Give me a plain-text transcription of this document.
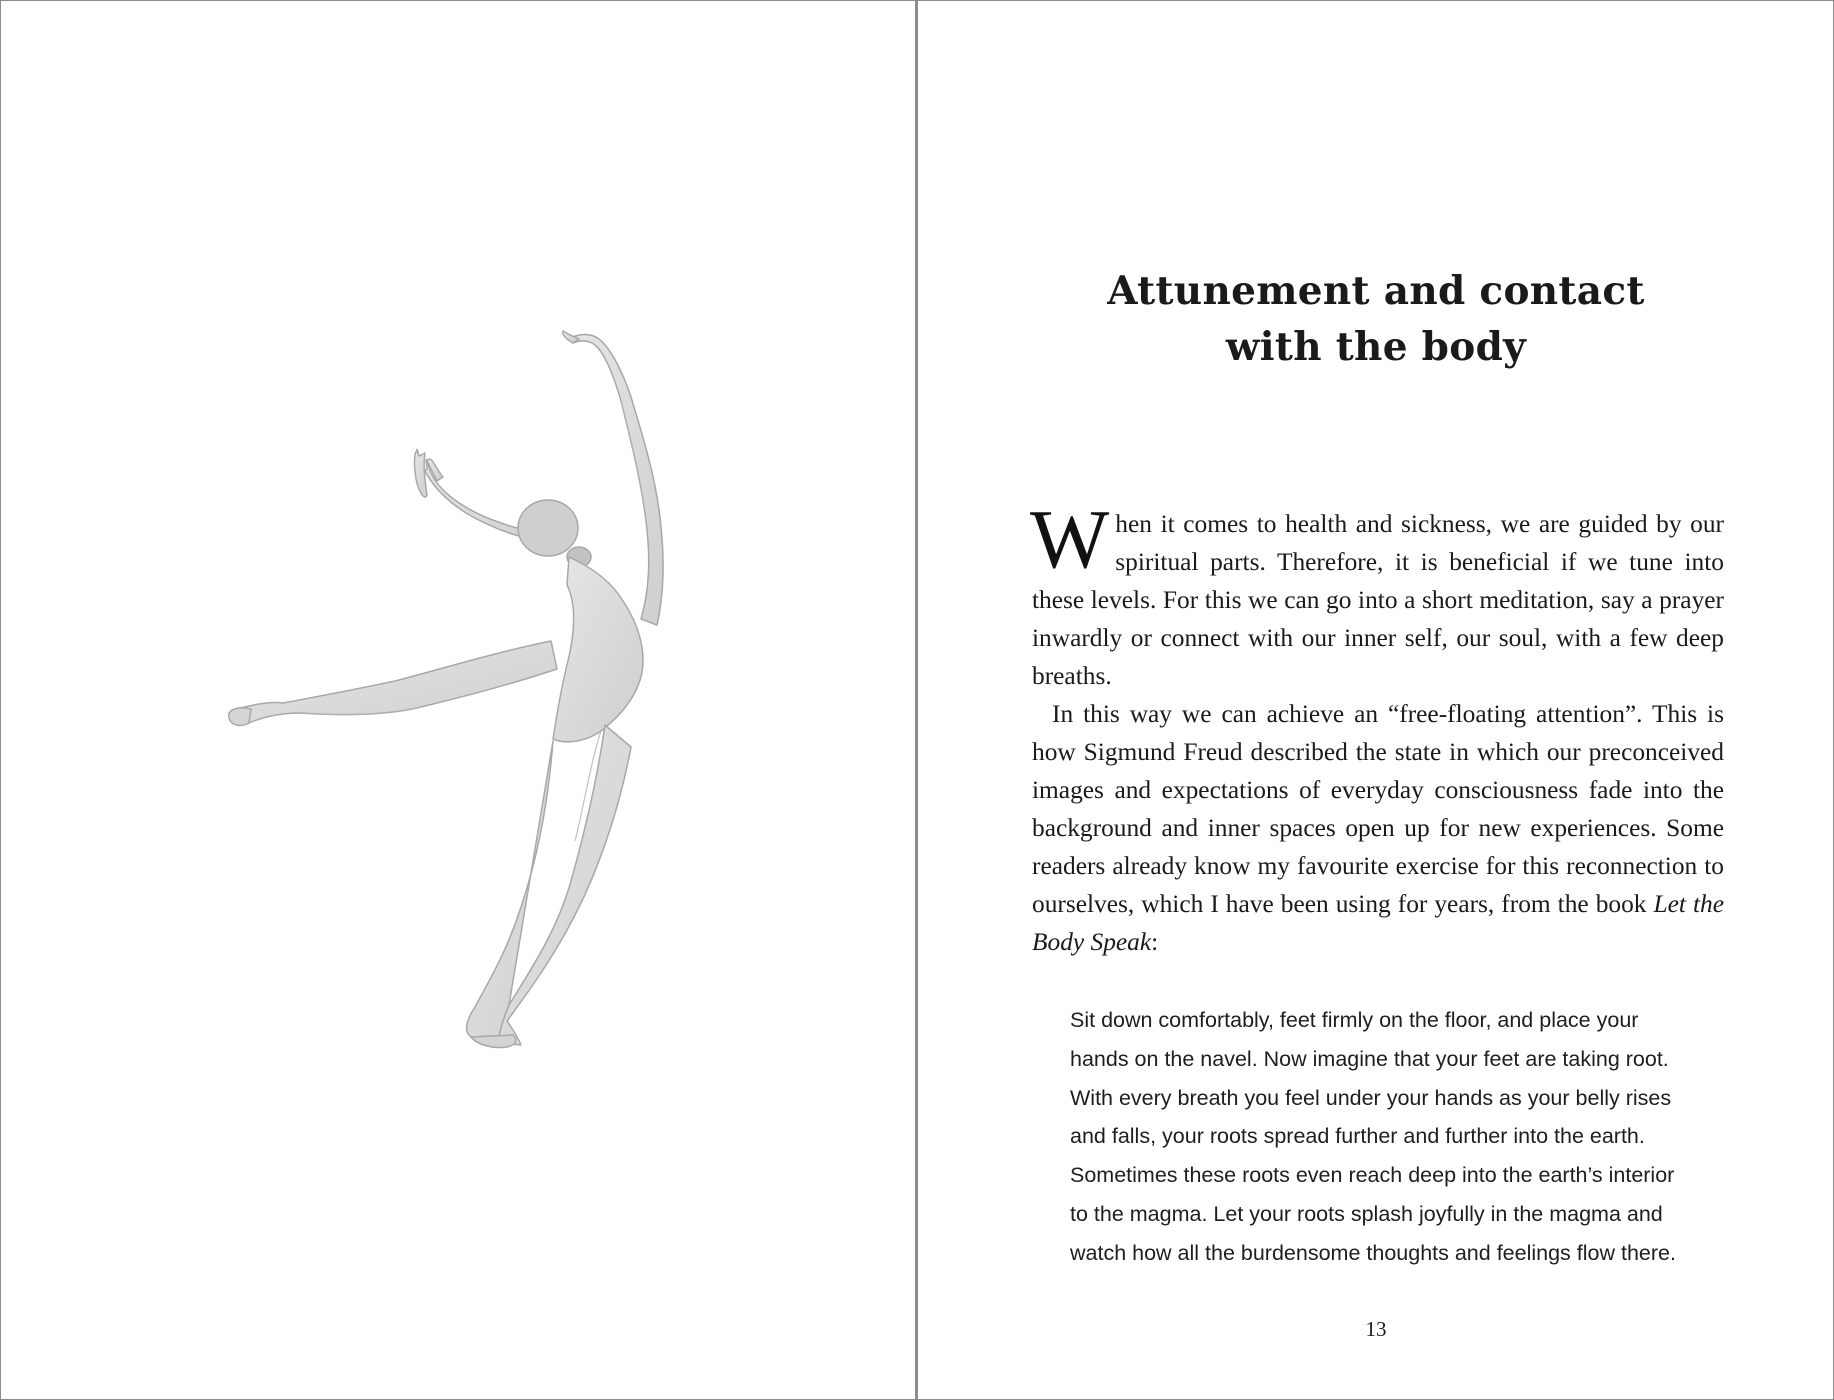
Attunement and contact
with the body

When it comes to health and sickness, we are guided by our spiritual parts. Therefore, it is beneficial if we tune into these levels. For this we can go into a short meditation, say a prayer inwardly or connect with our inner self, our soul, with a few deep breaths.

In this way we can achieve an “free-floating attention”. This is how Sigmund Freud described the state in which our preconceived images and expectations of everyday consciousness fade into the background and inner spaces open up for new experiences. Some readers already know my favourite exercise for this reconnection to ourselves, which I have been using for years, from the book Let the Body Speak:

Sit down comfortably, feet firmly on the floor, and place your
hands on the navel. Now imagine that your feet are taking root.
With every breath you feel under your hands as your belly rises
and falls, your roots spread further and further into the earth.
Sometimes these roots even reach deep into the earth’s interior
to the magma. Let your roots splash joyfully in the magma and
watch how all the burdensome thoughts and feelings flow there.
13
